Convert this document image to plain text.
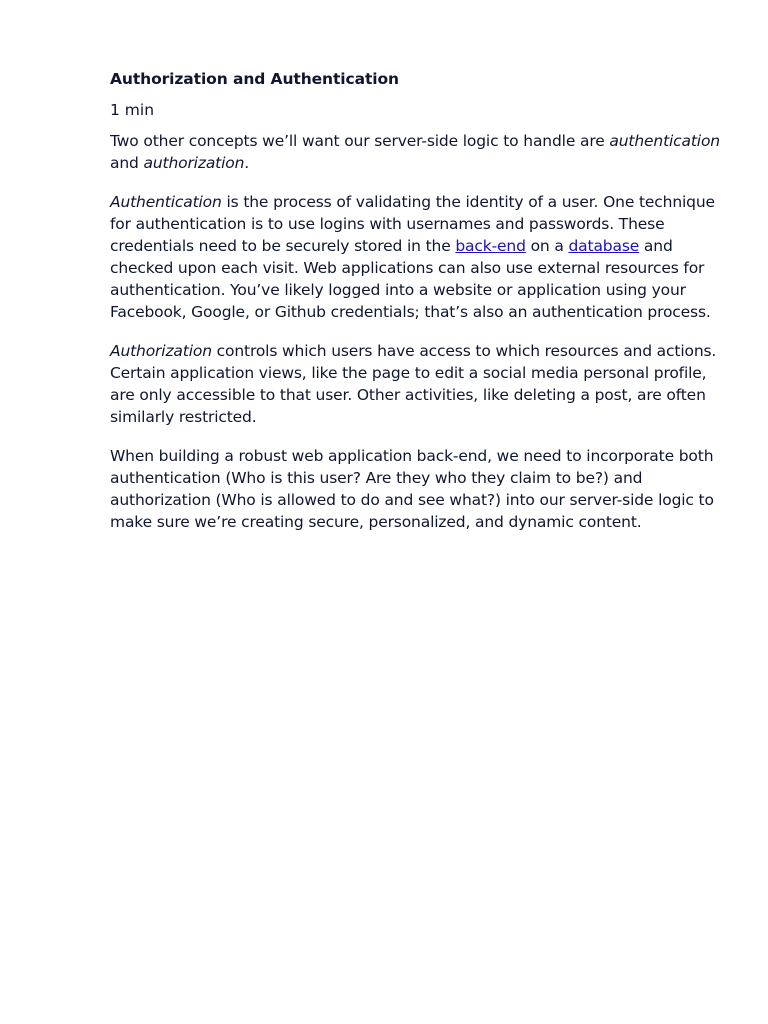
Authorization and Authentication
1 min

Two other concepts we’ll want our server-side logic to handle are authentication and authorization.

Authentication is the process of validating the identity of a user. One technique for authentication is to use logins with usernames and passwords. These credentials need to be securely stored in the back-end on a database and checked upon each visit. Web applications can also use external resources for authentication. You’ve likely logged into a website or application using your Facebook, Google, or Github credentials; that’s also an authentication process.

Authorization controls which users have access to which resources and actions. Certain application views, like the page to edit a social media personal profile, are only accessible to that user. Other activities, like deleting a post, are often similarly restricted.

When building a robust web application back-end, we need to incorporate both authentication (Who is this user? Are they who they claim to be?) and authorization (Who is allowed to do and see what?) into our server-side logic to make sure we’re creating secure, personalized, and dynamic content.
